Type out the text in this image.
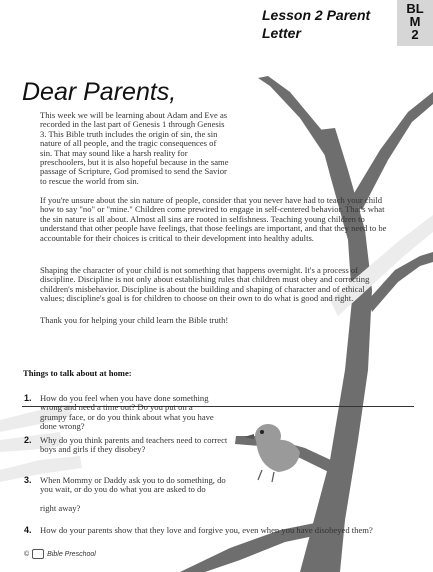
Lesson 2 Parent
Letter
BL
M
2
Dear Parents,
This week we will be learning about Adam and Eve as recorded in the last part of Genesis 1 through Genesis 3. This Bible truth includes the origin of sin, the sin nature of all people, and the tragic consequences of sin. That may sound like a harsh reality for preschoolers, but it is also hopeful because in the same passage of Scripture, God promised to send the Savior to rescue the world from sin.
If you're unsure about the sin nature of people, consider that you never have had to teach your child how to say "no" or "mine." Children come prewired to engage in self-centered behavior. That's what the sin nature is all about. Almost all sins are rooted in selfishness. Teaching young children to understand that other people have feelings, that those feelings are important, and that they need to be accountable for their choices is critical to their development into healthy adults.
Shaping the character of your child is not something that happens overnight. It's a process of discipline. Discipline is not only about establishing rules that children must obey and correcting children's misbehavior. Discipline is about the building and shaping of character and of ethical values; discipline's goal is for children to choose on their own to do what is good and right.
Thank you for helping your child learn the Bible truth!
Things to talk about at home:
1. How do you feel when you have done something wrong and need a time out? Do you put on a grumpy face, or do you think about what you have done wrong?
2. Why do you think parents and teachers need to correct boys and girls if they disobey?
3. When Mommy or Daddy ask you to do something, do you wait, or do you do what you are asked to do
right away?
4. How do your parents show that they love and forgive you, even when you have disobeyed them?
©	Bible Preschool
